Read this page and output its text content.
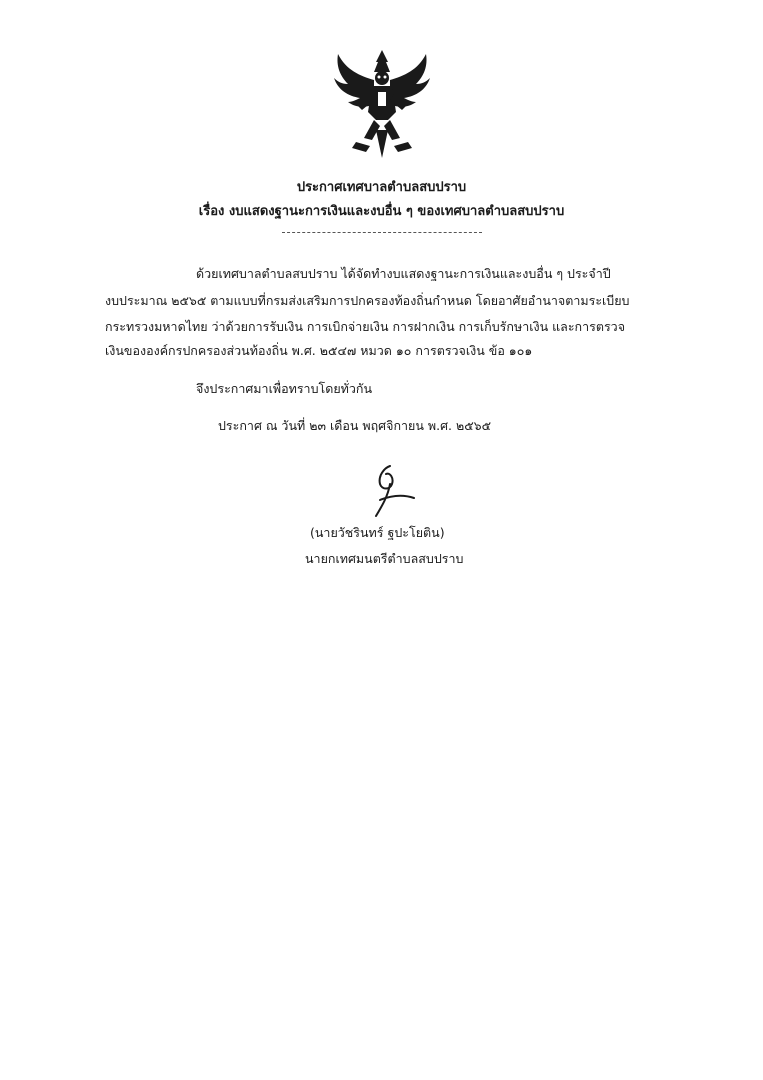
ประกาศเทศบาลตำบลสบปราบ
เรื่อง งบแสดงฐานะการเงินและงบอื่น ๆ ของเทศบาลตำบลสบปราบ
ด้วยเทศบาลตำบลสบปราบ ได้จัดทำงบแสดงฐานะการเงินและงบอื่น ๆ ประจำปี
งบประมาณ ๒๕๖๕ ตามแบบที่กรมส่งเสริมการปกครองท้องถิ่นกำหนด โดยอาศัยอำนาจตามระเบียบ
กระทรวงมหาดไทย ว่าด้วยการรับเงิน การเบิกจ่ายเงิน การฝากเงิน การเก็บรักษาเงิน และการตรวจ
เงินขององค์กรปกครองส่วนท้องถิ่น พ.ศ. ๒๕๔๗ หมวด ๑๐ การตรวจเงิน ข้อ ๑๐๑
จึงประกาศมาเพื่อทราบโดยทั่วกัน
ประกาศ ณ วันที่ ๒๓ เดือน พฤศจิกายน พ.ศ. ๒๕๖๕
(นายวัชรินทร์ ฐปะโยติน)
นายกเทศมนตรีตำบลสบปราบ
